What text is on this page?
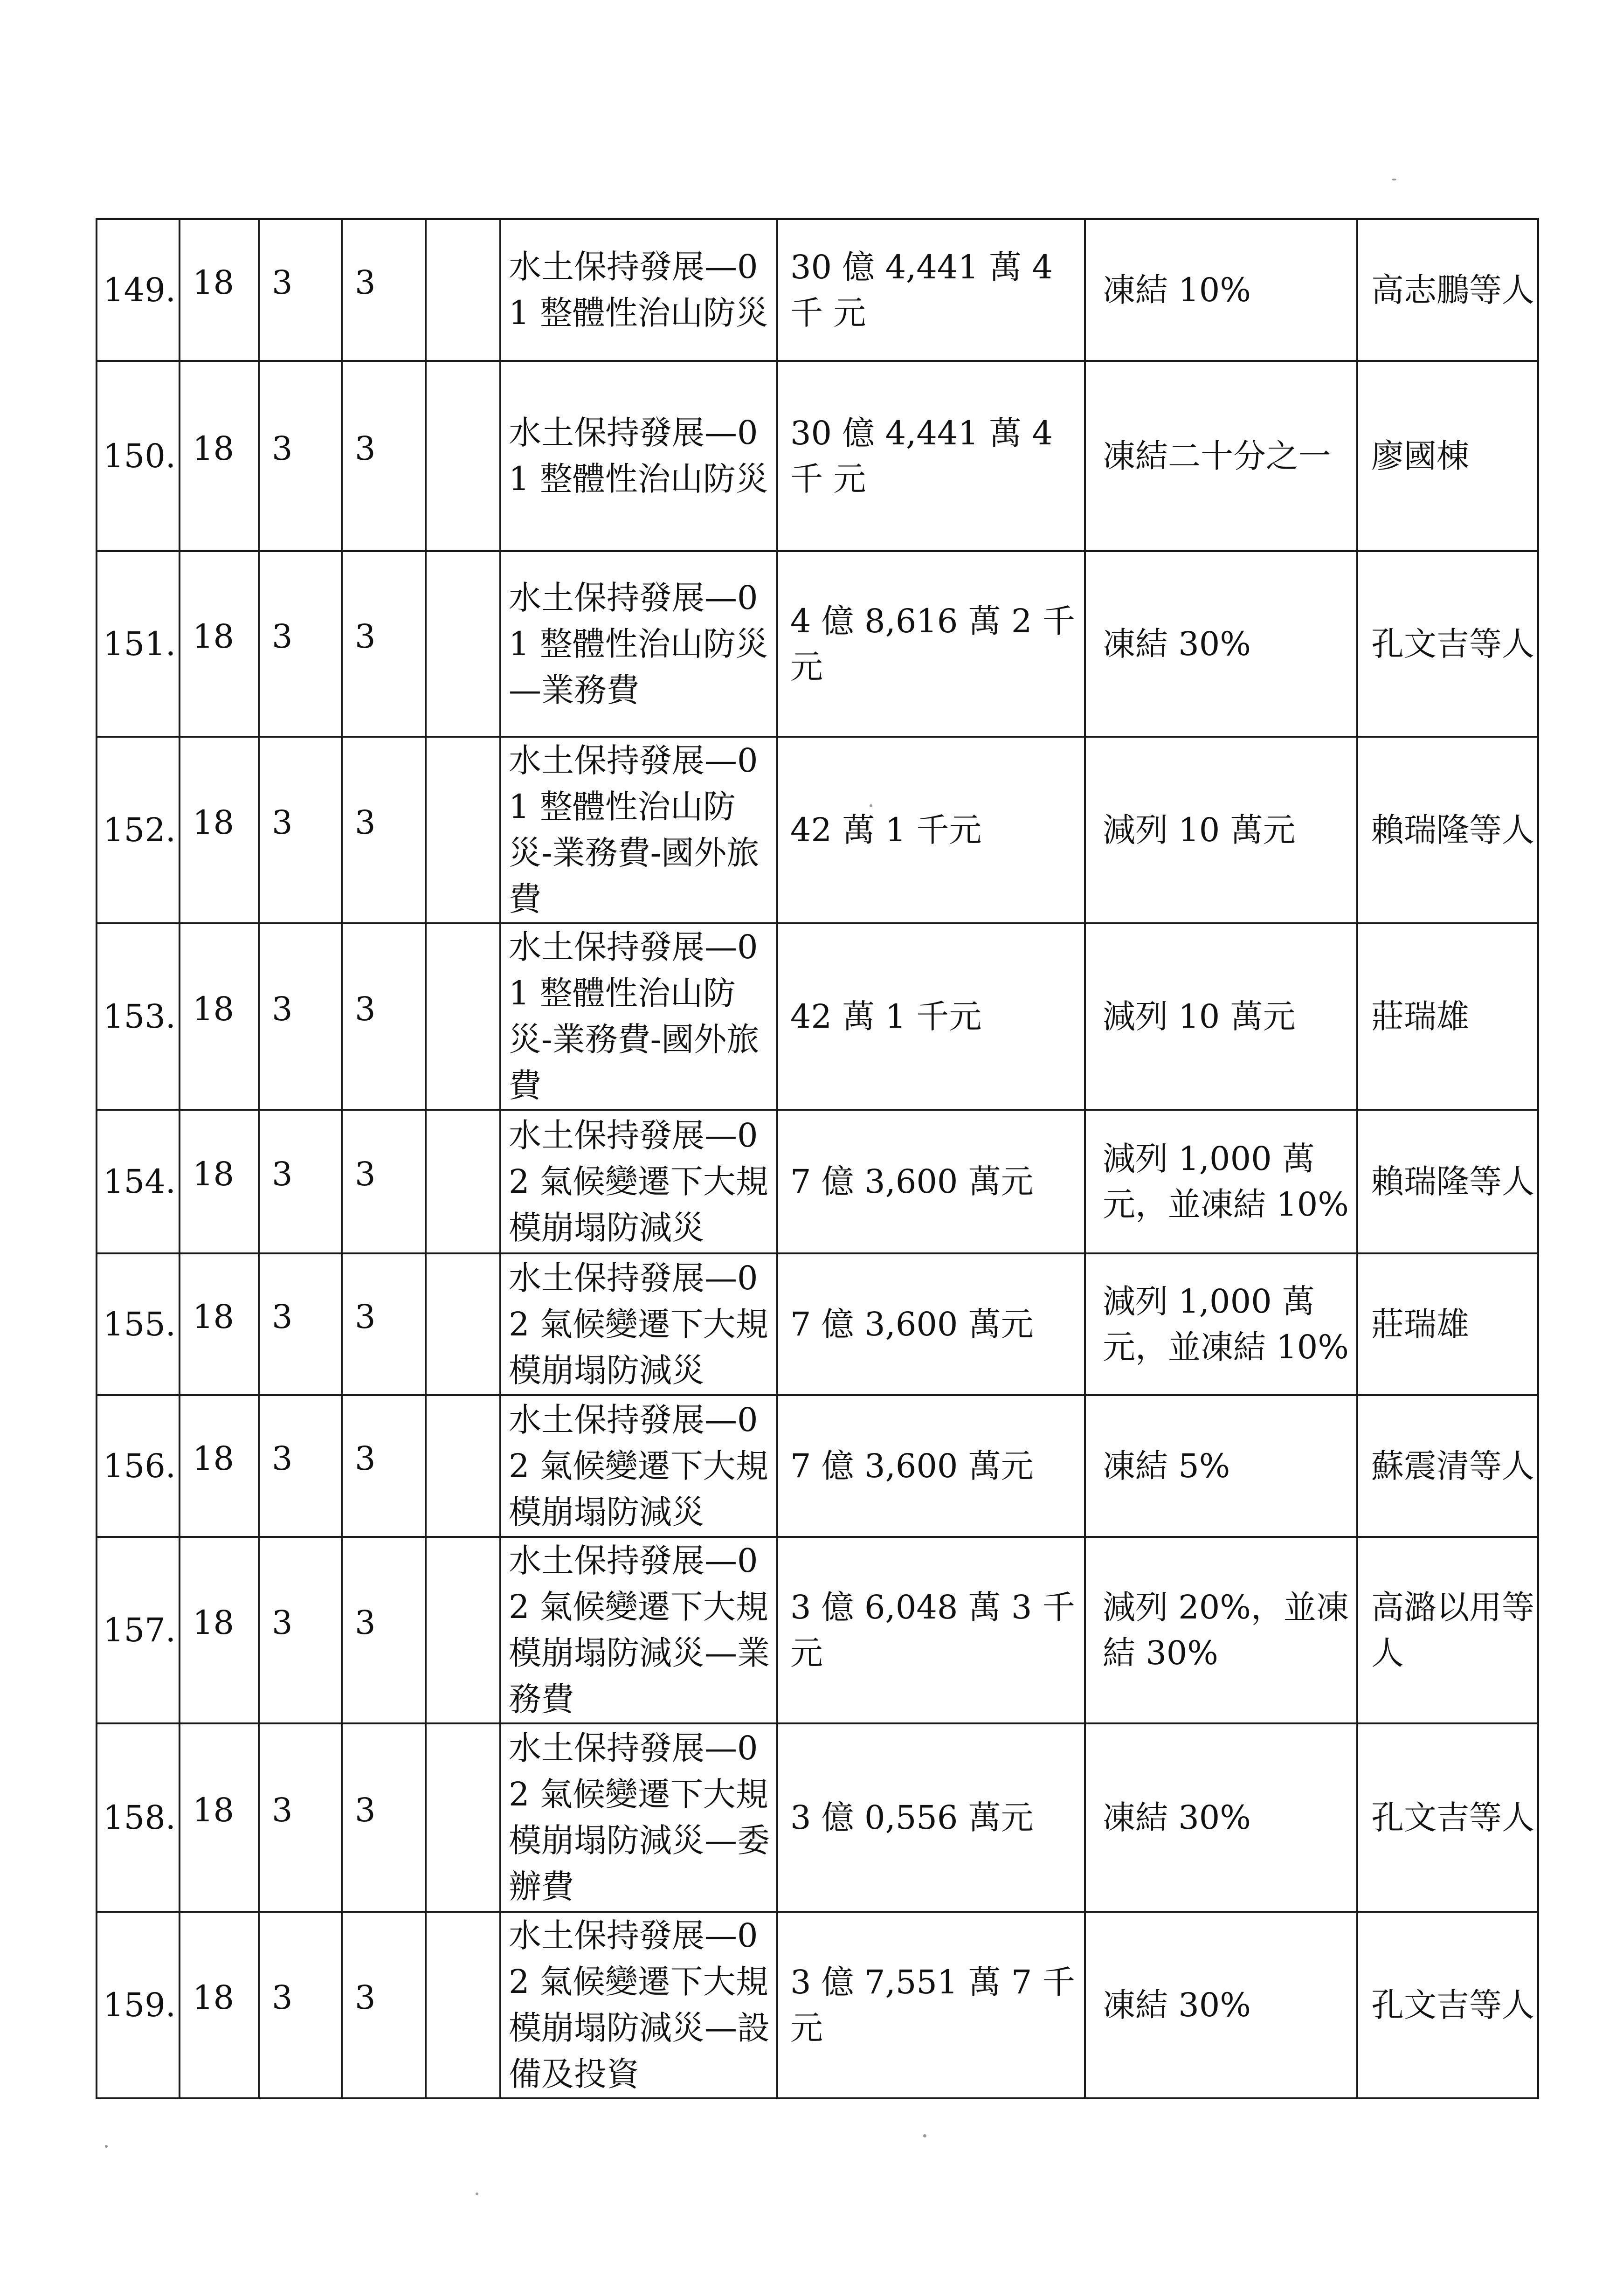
149.	18	3	3		水土保持發展—01 整體性治山防災	30 億 4,441 萬 4 千 元	凍結 10%	高志鵬等人
150.	18	3	3		水土保持發展—01 整體性治山防災	30 億 4,441 萬 4 千 元	凍結二十分之一	廖國棟
151.	18	3	3		水土保持發展—01 整體性治山防災—業務費	4 億 8,616 萬 2 千元	凍結 30%	孔文吉等人
152.	18	3	3		水土保持發展—01 整體性治山防災-業務費-國外旅費	42 萬 1 千元	減列 10 萬元	賴瑞隆等人
153.	18	3	3		水土保持發展—01 整體性治山防災-業務費-國外旅費	42 萬 1 千元	減列 10 萬元	莊瑞雄
154.	18	3	3		水土保持發展—02 氣候變遷下大規模崩塌防減災	7 億 3,600 萬元	減列 1,000 萬元，並凍結 10%	賴瑞隆等人
155.	18	3	3		水土保持發展—02 氣候變遷下大規模崩塌防減災	7 億 3,600 萬元	減列 1,000 萬元，並凍結 10%	莊瑞雄
156.	18	3	3		水土保持發展—02 氣候變遷下大規模崩塌防減災	7 億 3,600 萬元	凍結 5%	蘇震清等人
157.	18	3	3		水土保持發展—02 氣候變遷下大規模崩塌防減災—業務費	3 億 6,048 萬 3 千元	減列 20%，並凍結 30%	高潞以用等人
158.	18	3	3		水土保持發展—02 氣候變遷下大規模崩塌防減災—委辦費	3 億 0,556 萬元	凍結 30%	孔文吉等人
159.	18	3	3		水土保持發展—02 氣候變遷下大規模崩塌防減災—設備及投資	3 億 7,551 萬 7 千元	凍結 30%	孔文吉等人
